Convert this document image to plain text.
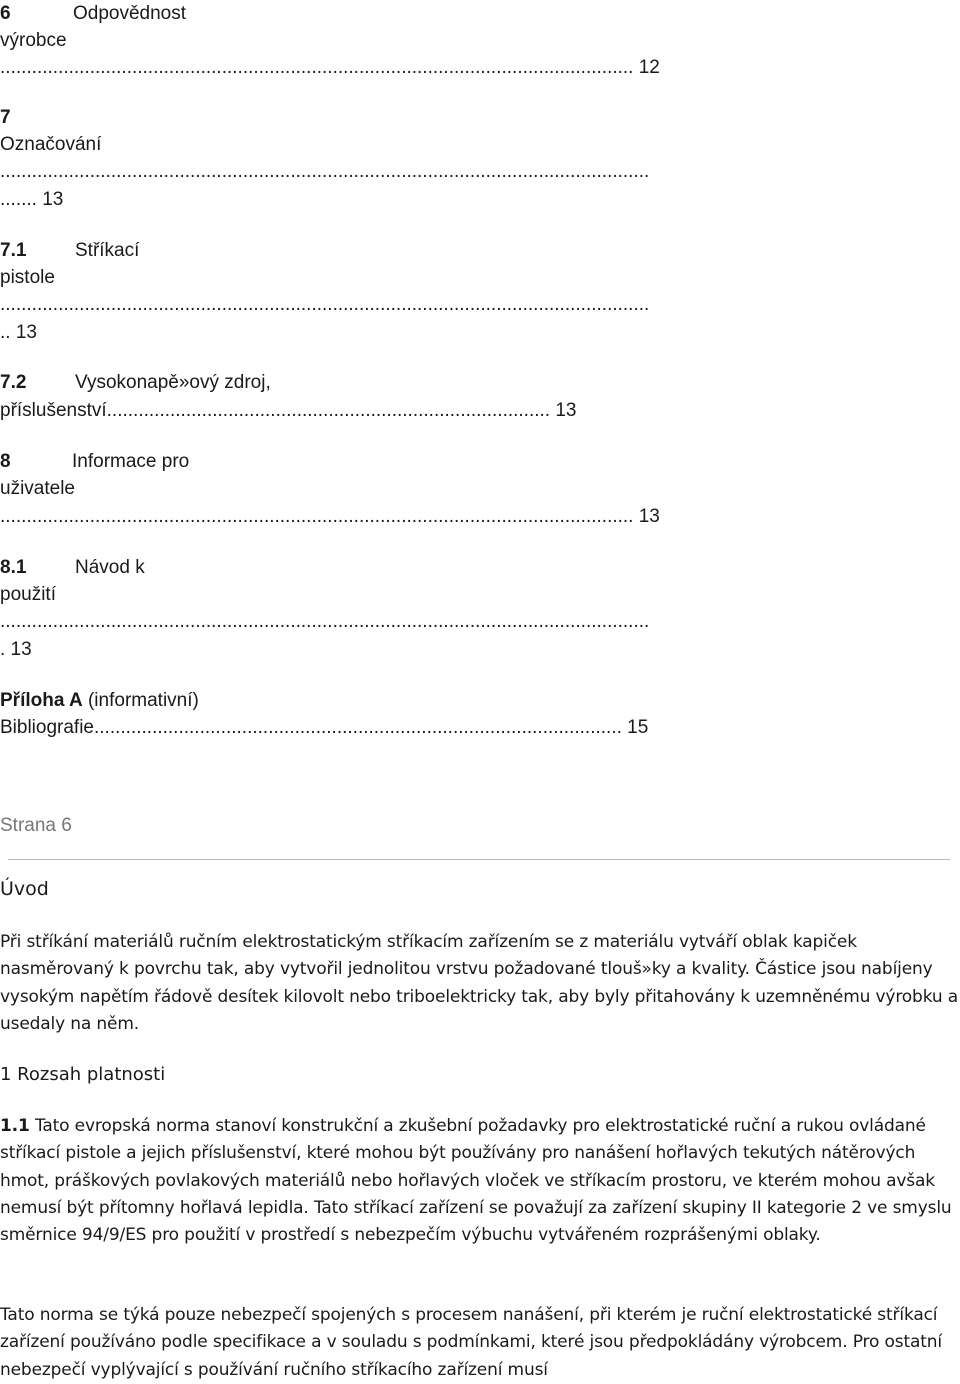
6	Odpovědnost
výrobce
........................................................................................................................ 12
7
Označování
...........................................................................................................................
....... 13
7.1	Stříkací
pistole
...........................................................................................................................
.. 13
7.2	Vysokonapě»ový zdroj,
příslušenství.................................................................................... 13
8	Informace pro
uživatele
........................................................................................................................ 13
8.1	Návod k
použití
...........................................................................................................................
. 13
Příloha A (informativní)
Bibliografie.................................................................................................... 15
Strana 6
Úvod
Při stříkání materiálů ručním elektrostatickým stříkacím zařízením se z materiálu vytváří oblak kapiček nasměrovaný k povrchu tak, aby vytvořil jednolitou vrstvu požadované tlouš»ky a kvality. Částice jsou nabíjeny vysokým napětím řádově desítek kilovolt nebo triboelektricky tak, aby byly přitahovány k uzemněnému výrobku a usedaly na něm.
1 Rozsah platnosti
1.1 Tato evropská norma stanoví konstrukční a zkušební požadavky pro elektrostatické ruční a rukou ovládané stříkací pistole a jejich příslušenství, které mohou být používány pro nanášení hořlavých tekutých nátěrových hmot, práškových povlakových materiálů nebo hořlavých vloček ve stříkacím prostoru, ve kterém mohou avšak nemusí být přítomny hořlavá lepidla. Tato stříkací zařízení se považují za zařízení skupiny II kategorie 2 ve smyslu směrnice 94/9/ES pro použití v prostředí s nebezpečím výbuchu vytvářeném rozprášenými oblaky.
Tato norma se týká pouze nebezpečí spojených s procesem nanášení, při kterém je ruční elektrostatické stříkací zařízení používáno podle specifikace a v souladu s podmínkami, které jsou předpokládány výrobcem. Pro ostatní nebezpečí vyplývající s používání ručního stříkacího zařízení musí
